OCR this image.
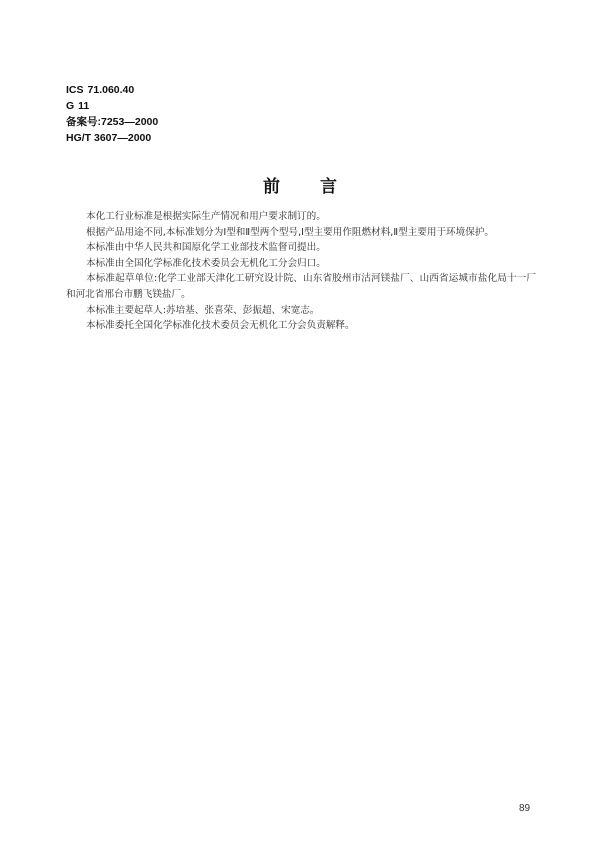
ICS 71.060.40
G 11
备案号:7253—2000
HG/T 3607—2000
前言

本化工行业标准是根据实际生产情况和用户要求制订的。

根据产品用途不同,本标准划分为Ⅰ型和Ⅱ型两个型号,Ⅰ型主要用作阻燃材料,Ⅱ型主要用于环境保护。

本标准由中华人民共和国原化学工业部技术监督司提出。

本标准由全国化学标准化技术委员会无机化工分会归口。

本标准起草单位:化学工业部天津化工研究设计院、山东省胶州市沽河镁盐厂、山西省运城市盐化局十一厂和河北省邢台市鹏飞镁盐厂。

本标准主要起草人:苏培基、张喜荣、彭振超、宋宽志。

本标准委托全国化学标准化技术委员会无机化工分会负责解释。

89
